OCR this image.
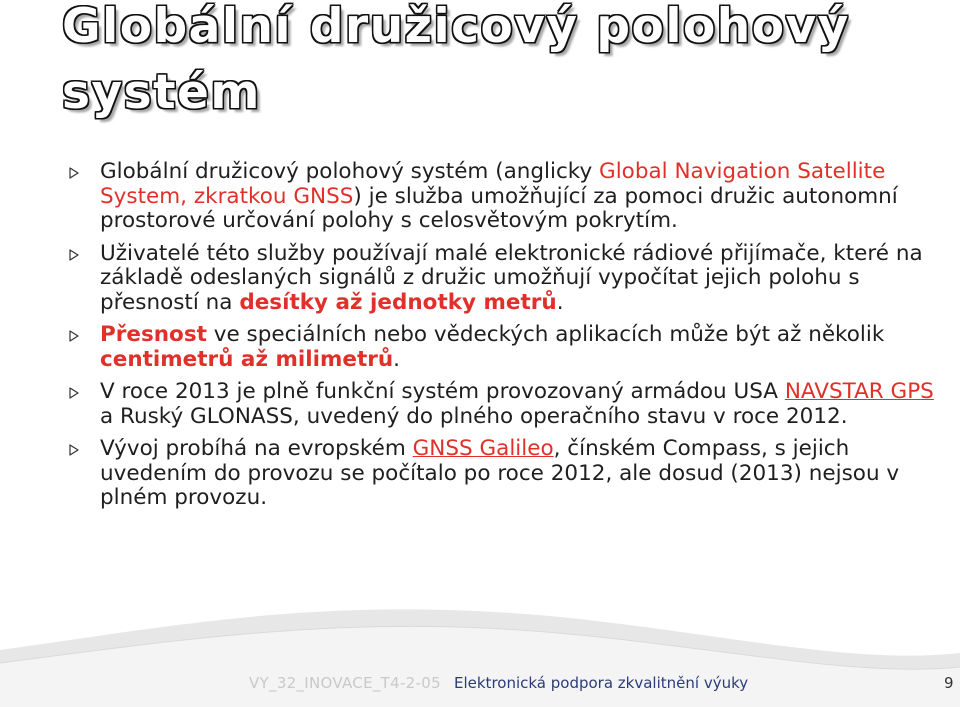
Globální družicový polohový systém
Globální družicový polohový systém (anglicky Global Navigation Satellite System, zkratkou GNSS) je služba umožňující za pomoci družic autonomní prostorové určování polohy s celosvětovým pokrytím.
Uživatelé této služby používají malé elektronické rádiové přijímače, které na základě odeslaných signálů z družic umožňují vypočítat jejich polohu s přesností na desítky až jednotky metrů.
Přesnost ve speciálních nebo vědeckých aplikacích může být až několik centimetrů až milimetrů.
V roce 2013 je plně funkční systém provozovaný armádou USA NAVSTAR GPS a Ruský GLONASS, uvedený do plného operačního stavu v roce 2012.
Vývoj probíhá na evropském GNSS Galileo, čínském Compass, s jejich uvedením do provozu se počítalo po roce 2012, ale dosud (2013) nejsou v plném provozu.
VY_32_INOVACE_T4-2-05 Elektronická podpora zkvalitnění výuky	9
